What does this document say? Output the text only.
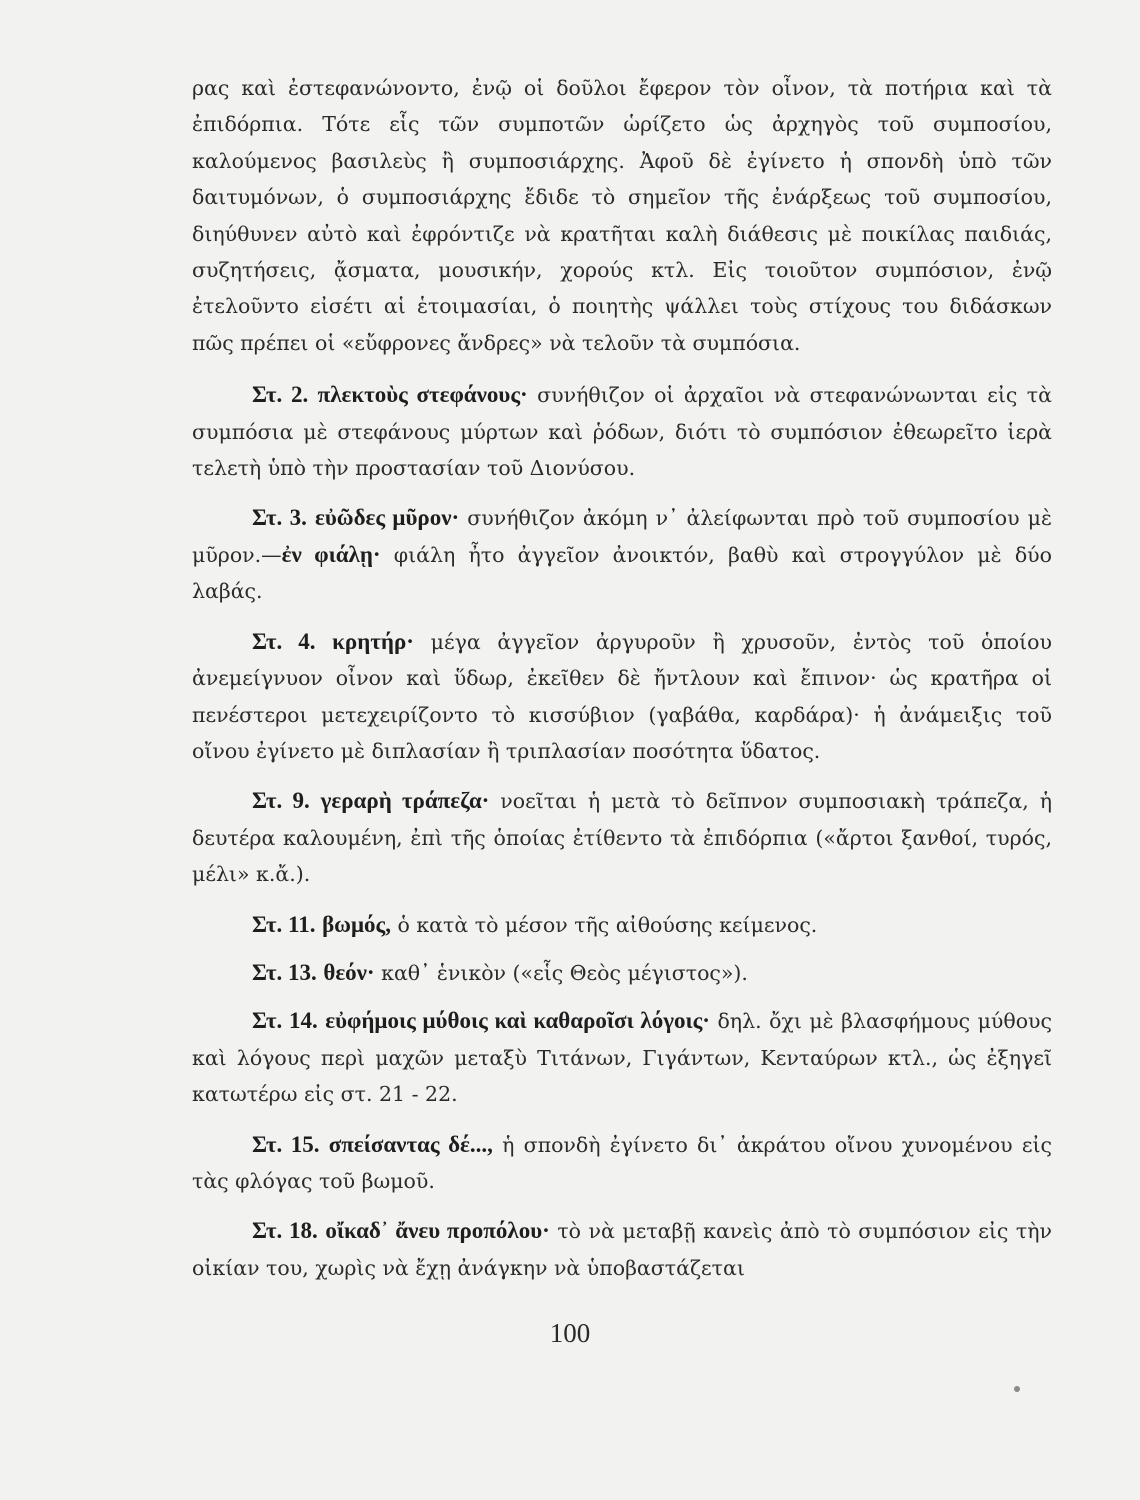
ρας καὶ ἐστεφανώνοντο, ἐνῷ οἱ δοῦλοι ἔφερον τὸν οἶνον, τὰ ποτήρια καὶ τὰ ἐπιδόρπια. Τότε εἷς τῶν συμποτῶν ὡρίζετο ὡς ἀρχηγὸς τοῦ συμποσίου, καλούμενος βασιλεὺς ἢ συμποσιάρχης. Ἀφοῦ δὲ ἐγίνετο ἡ σπονδὴ ὑπὸ τῶν δαιτυμόνων, ὁ συμποσιάρχης ἔδιδε τὸ σημεῖον τῆς ἐνάρξεως τοῦ συμποσίου, διηύθυνεν αὐτὸ καὶ ἐφρόντιζε νὰ κρατῆται καλὴ διάθεσις μὲ ποικίλας παιδιάς, συζητήσεις, ᾄσματα, μουσικήν, χορούς κτλ. Εἰς τοιοῦτον συμπόσιον, ἐνῷ ἐτελοῦντο εἰσέτι αἱ ἑτοιμασίαι, ὁ ποιητὴς ψάλλει τοὺς στίχους του διδάσκων πῶς πρέπει οἱ «εὔφρονες ἄνδρες» νὰ τελοῦν τὰ συμπόσια.

Στ. 2. πλεκτοὺς στεφάνους· συνήθιζον οἱ ἀρχαῖοι νὰ στεφανώνωνται εἰς τὰ συμπόσια μὲ στεφάνους μύρτων καὶ ῥόδων, διότι τὸ συμπόσιον ἐθεωρεῖτο ἱερὰ τελετὴ ὑπὸ τὴν προστασίαν τοῦ Διονύσου.

Στ. 3. εὐῶδες μῦρον· συνήθιζον ἀκόμη ν᾽ ἀλείφωνται πρὸ τοῦ συμποσίου μὲ μῦρον.—ἐν φιάλῃ· φιάλη ἦτο ἀγγεῖον ἀνοικτόν, βαθὺ καὶ στρογγύλον μὲ δύο λαβάς.

Στ. 4. κρητήρ· μέγα ἀγγεῖον ἀργυροῦν ἢ χρυσοῦν, ἐντὸς τοῦ ὁποίου ἀνεμείγνυον οἶνον καὶ ὕδωρ, ἐκεῖθεν δὲ ἤντλουν καὶ ἔπινον· ὡς κρατῆρα οἱ πενέστεροι μετεχειρίζοντο τὸ κισσύβιον (γαβάθα, καρδάρα)· ἡ ἀνάμειξις τοῦ οἴνου ἐγίνετο μὲ διπλασίαν ἢ τριπλασίαν ποσότητα ὕδατος.

Στ. 9. γεραρὴ τράπεζα· νοεῖται ἡ μετὰ τὸ δεῖπνον συμποσιακὴ τράπεζα, ἡ δευτέρα καλουμένη, ἐπὶ τῆς ὁποίας ἐτίθεντο τὰ ἐπιδόρπια («ἄρτοι ξανθοί, τυρός, μέλι» κ.ἄ.).

Στ. 11. βωμός, ὁ κατὰ τὸ μέσον τῆς αἰθούσης κείμενος.

Στ. 13. θεόν· καθ᾽ ἑνικὸν («εἷς Θεὸς μέγιστος»).

Στ. 14. εὐφήμοις μύθοις καὶ καθαροῖσι λόγοις· δηλ. ὄχι μὲ βλασφήμους μύθους καὶ λόγους περὶ μαχῶν μεταξὺ Τιτάνων, Γιγάντων, Κενταύρων κτλ., ὡς ἐξηγεῖ κατωτέρω εἰς στ. 21 - 22.

Στ. 15. σπείσαντας δέ..., ἡ σπονδὴ ἐγίνετο δι᾽ ἀκράτου οἴνου χυνομένου εἰς τὰς φλόγας τοῦ βωμοῦ.

Στ. 18. οἴκαδ᾽ ἄνευ προπόλου· τὸ νὰ μεταβῇ κανεὶς ἀπὸ τὸ συμπόσιον εἰς τὴν οἰκίαν του, χωρὶς νὰ ἔχῃ ἀνάγκην νὰ ὑποβαστάζεται

100
